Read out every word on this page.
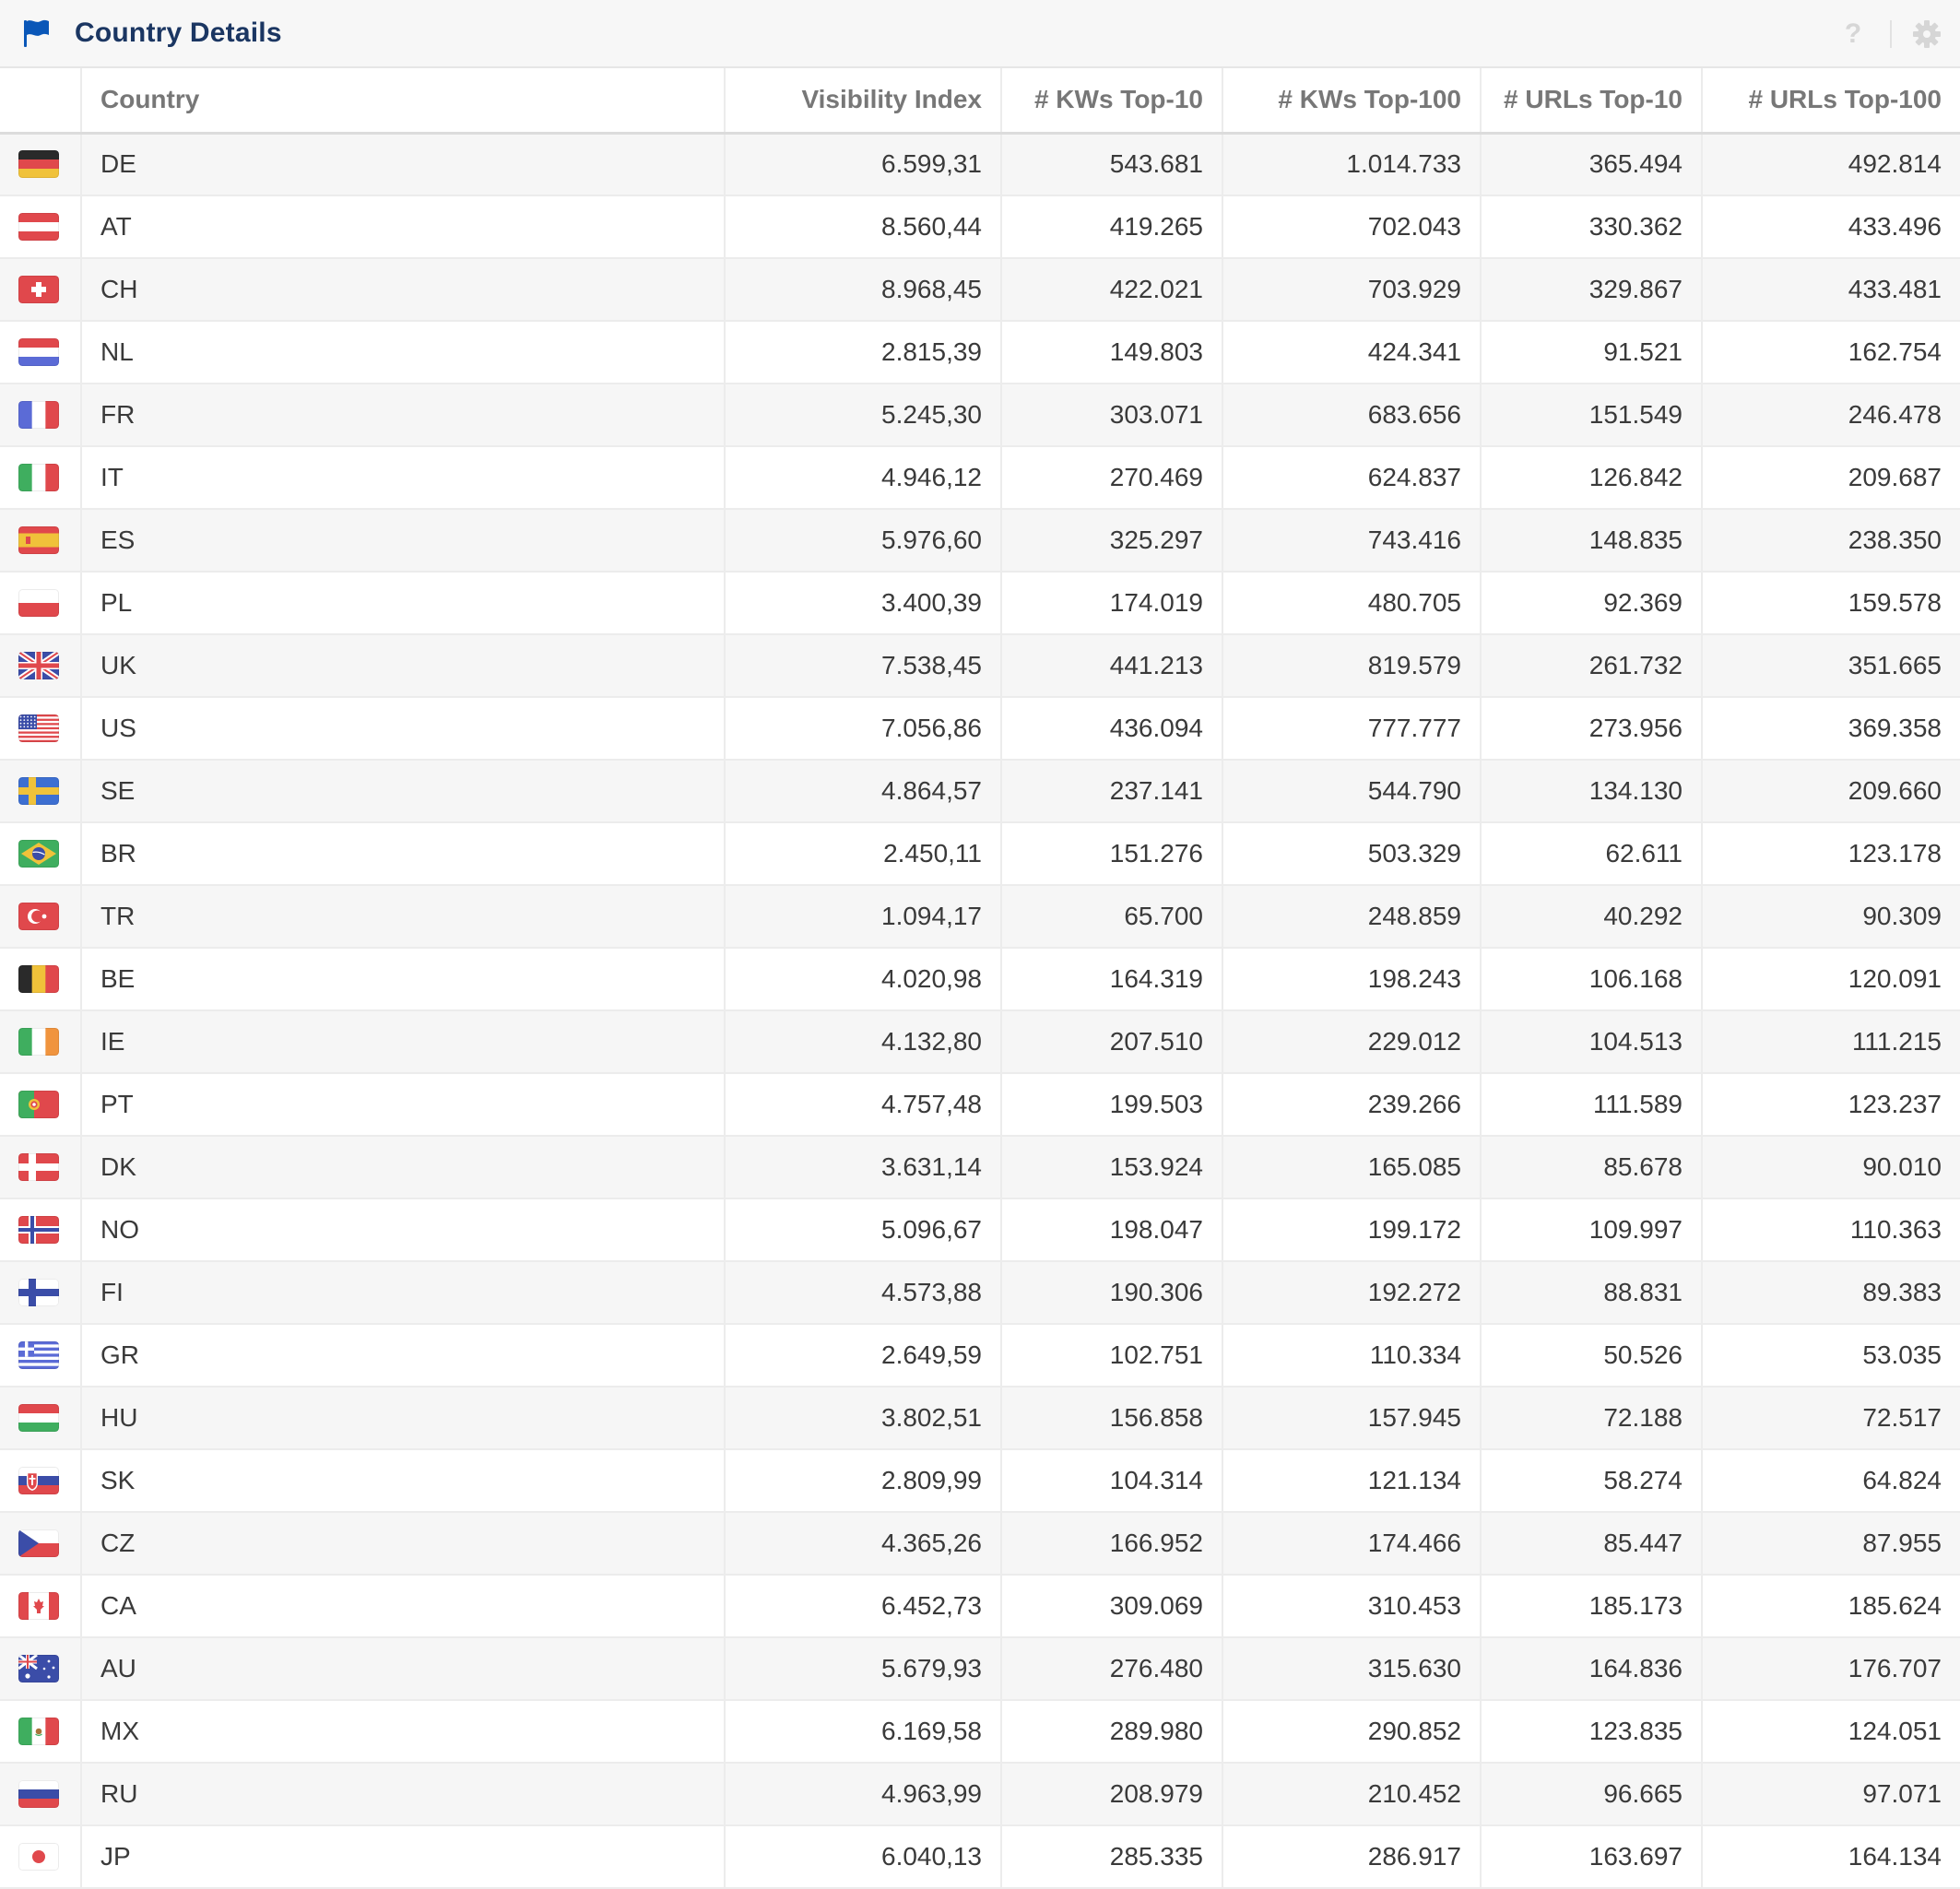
Country Details	?
	Country	Visibility Index	# KWs Top-10	# KWs Top-100	# URLs Top-10	# URLs Top-100

	DE	6.599,31	543.681	1.014.733	365.494	492.814

	AT	8.560,44	419.265	702.043	330.362	433.496

	CH	8.968,45	422.021	703.929	329.867	433.481

	NL	2.815,39	149.803	424.341	91.521	162.754

	FR	5.245,30	303.071	683.656	151.549	246.478

	IT	4.946,12	270.469	624.837	126.842	209.687

	ES	5.976,60	325.297	743.416	148.835	238.350

	PL	3.400,39	174.019	480.705	92.369	159.578

	UK	7.538,45	441.213	819.579	261.732	351.665

	US	7.056,86	436.094	777.777	273.956	369.358

	SE	4.864,57	237.141	544.790	134.130	209.660

	BR	2.450,11	151.276	503.329	62.611	123.178

	TR	1.094,17	65.700	248.859	40.292	90.309

	BE	4.020,98	164.319	198.243	106.168	120.091

	IE	4.132,80	207.510	229.012	104.513	111.215

	PT	4.757,48	199.503	239.266	111.589	123.237

	DK	3.631,14	153.924	165.085	85.678	90.010

	NO	5.096,67	198.047	199.172	109.997	110.363

	FI	4.573,88	190.306	192.272	88.831	89.383

	GR	2.649,59	102.751	110.334	50.526	53.035

	HU	3.802,51	156.858	157.945	72.188	72.517

	SK	2.809,99	104.314	121.134	58.274	64.824

	CZ	4.365,26	166.952	174.466	85.447	87.955

	CA	6.452,73	309.069	310.453	185.173	185.624

	AU	5.679,93	276.480	315.630	164.836	176.707

	MX	6.169,58	289.980	290.852	123.835	124.051

	RU	4.963,99	208.979	210.452	96.665	97.071

	JP	6.040,13	285.335	286.917	163.697	164.134
